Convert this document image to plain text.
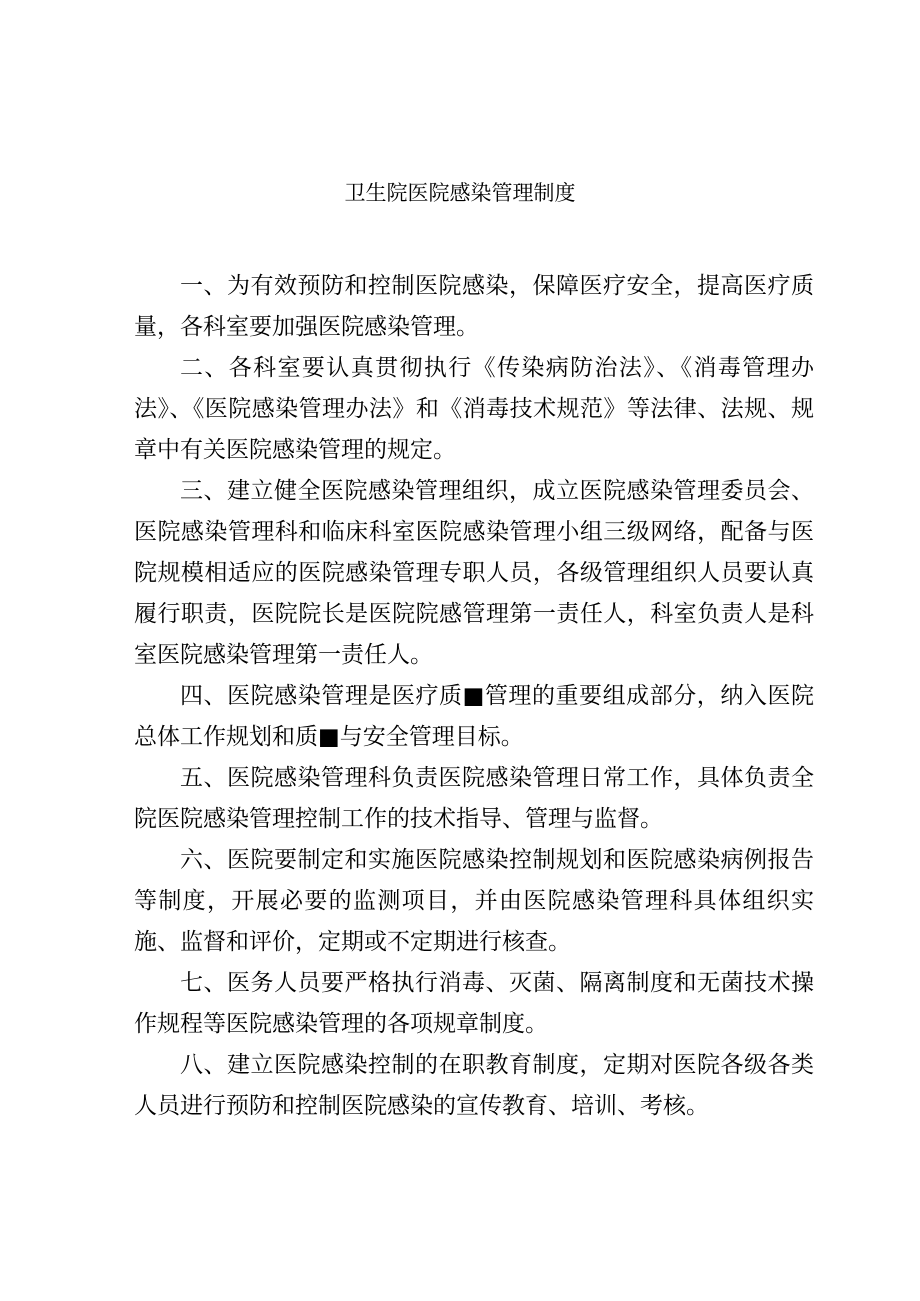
卫生院医院感染管理制度

一、为有效预防和控制医院感染，保障医疗安全，提高医疗质量，各科室要加强医院感染管理。

二、各科室要认真贯彻执行《传染病防治法》、《消毒管理办法》、《医院感染管理办法》和《消毒技术规范》等法律、法规、规章中有关医院感染管理的规定。

三、建立健全医院感染管理组织，成立医院感染管理委员会、医院感染管理科和临床科室医院感染管理小组三级网络，配备与医院规模相适应的医院感染管理专职人员，各级管理组织人员要认真履行职责，医院院长是医院院感管理第一责任人，科室负责人是科室医院感染管理第一责任人。

四、医院感染管理是医疗质■管理的重要组成部分，纳入医院总体工作规划和质■与安全管理目标。

五、医院感染管理科负责医院感染管理日常工作，具体负责全院医院感染管理控制工作的技术指导、管理与监督。

六、医院要制定和实施医院感染控制规划和医院感染病例报告等制度，开展必要的监测项目，并由医院感染管理科具体组织实施、监督和评价，定期或不定期进行核查。

七、医务人员要严格执行消毒、灭菌、隔离制度和无菌技术操作规程等医院感染管理的各项规章制度。

八、建立医院感染控制的在职教育制度，定期对医院各级各类人员进行预防和控制医院感染的宣传教育、培训、考核。
